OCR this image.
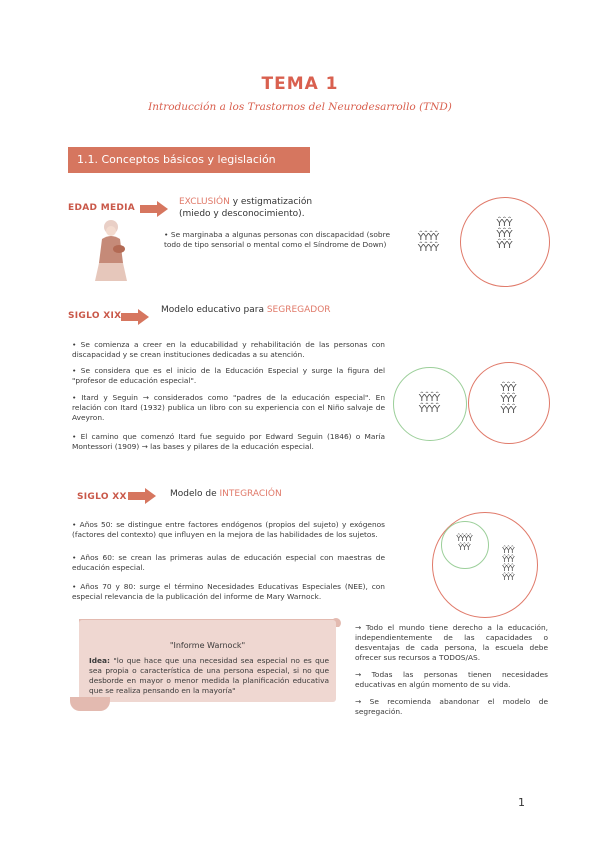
TEMA 1
Introducción a los Trastornos del Neurodesarrollo (TND)
1.1. Conceptos básicos y legislación actual
EDAD MEDIA
EXCLUSIÓN y estigmatización
(miedo y desconocimiento).
• Se marginaba a algunas personas con discapacidad (sobre todo de tipo sensorial o mental como el Síndrome de Down)
ŶŶŶŶ
ŶŶŶŶ
ŶŶŶ
ŶŶŶ
ŶŶŶ
SIGLO XIX
Modelo educativo para SEGREGADOR
• Se comienza a creer en la educabilidad y rehabilitación de las personas con discapacidad y se crean instituciones dedicadas a su atención.
• Se considera que es el inicio de la Educación Especial y surge la figura del "profesor de educación especial".
• Itard y Seguin → considerados como "padres de la educación especial". En relación con Itard (1932) publica un libro con su experiencia con el Niño salvaje de Aveyron.
• El camino que comenzó Itard fue seguido por Edward Seguin (1846) o María Montessori (1909) → las bases y pilares de la educación especial.
ŶŶŶŶ
ŶŶŶŶ
ŶŶŶ
ŶŶŶ
ŶŶŶ
SIGLO XX	Modelo de INTEGRACIÓN
• Años 50: se distingue entre factores endógenos (propios del sujeto) y exógenos (factores del contexto) que influyen en la mejora de las habilidades de los sujetos.
• Años 60: se crean las primeras aulas de educación especial con maestras de educación especial.
• Años 70 y 80: surge el término Necesidades Educativas Especiales (NEE), con especial relevancia de la publicación del informe de Mary Warnock.
ŶŶŶŶ
ŶŶŶ	ŶŶŶ
ŶŶŶ
ŶŶŶ
ŶŶŶ
"Informe Warnock"
Idea: "lo que hace que una necesidad sea especial no es que sea propia o característica de una persona especial, si no que desborde en mayor o menor medida la planificación educativa que se realiza pensando en la mayoría"
→ Todo el mundo tiene derecho a la educación, independientemente de las capacidades o desventajas de cada persona, la escuela debe ofrecer sus recursos a TODOS/AS.
→ Todas las personas tienen necesidades educativas en algún momento de su vida.
→ Se recomienda abandonar el modelo de segregación.
1
